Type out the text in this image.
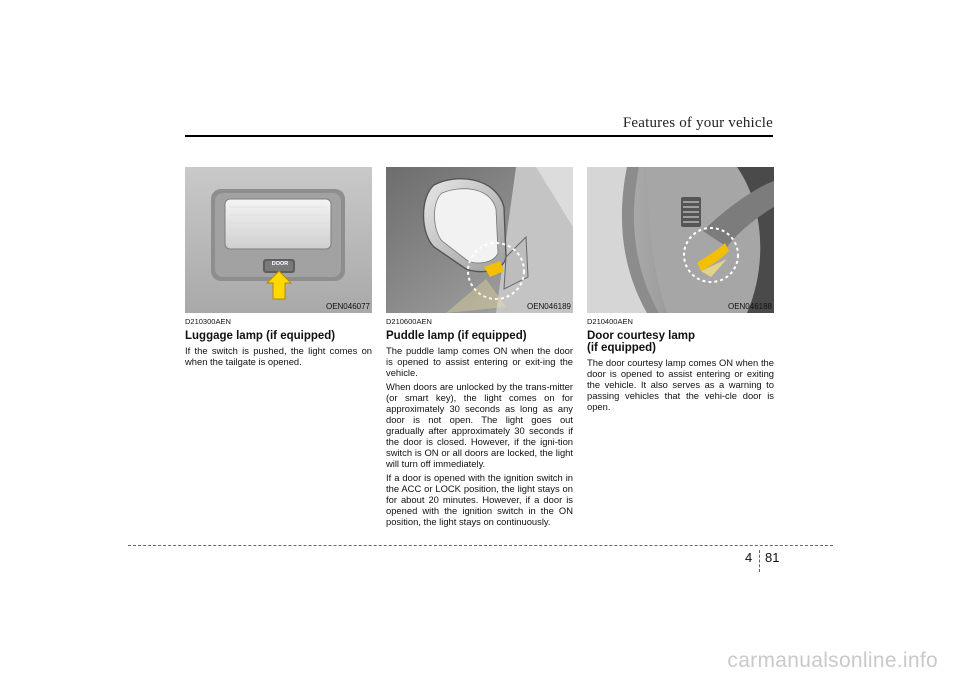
Features of your vehicle
DOOR
OEN046077	OEN046189	OEN046188
D210300AEN
Luggage lamp (if equipped)

If the switch is pushed, the light comes on when the tailgate is opened.

D210600AEN
Puddle lamp (if equipped)

The puddle lamp comes ON when the door is opened to assist entering or exit-ing the vehicle.

When doors are unlocked by the trans-mitter (or smart key), the light comes on for approximately 30 seconds as long as any door is not open. The light goes out gradually after approximately 30 seconds if the door is closed. However, if the igni-tion switch is ON or all doors are locked, the light will turn off immediately.

If a door is opened with the ignition switch in the ACC or LOCK position, the light stays on for about 20 minutes. However, if a door is opened with the ignition switch in the ON position, the light stays on continuously.

D210400AEN
Door courtesy lamp
(if equipped)

The door courtesy lamp comes ON when the door is opened to assist entering or exiting the vehicle. It also serves as a warning to passing vehicles that the vehi-cle door is open.

4 81
carmanualsonline.info
